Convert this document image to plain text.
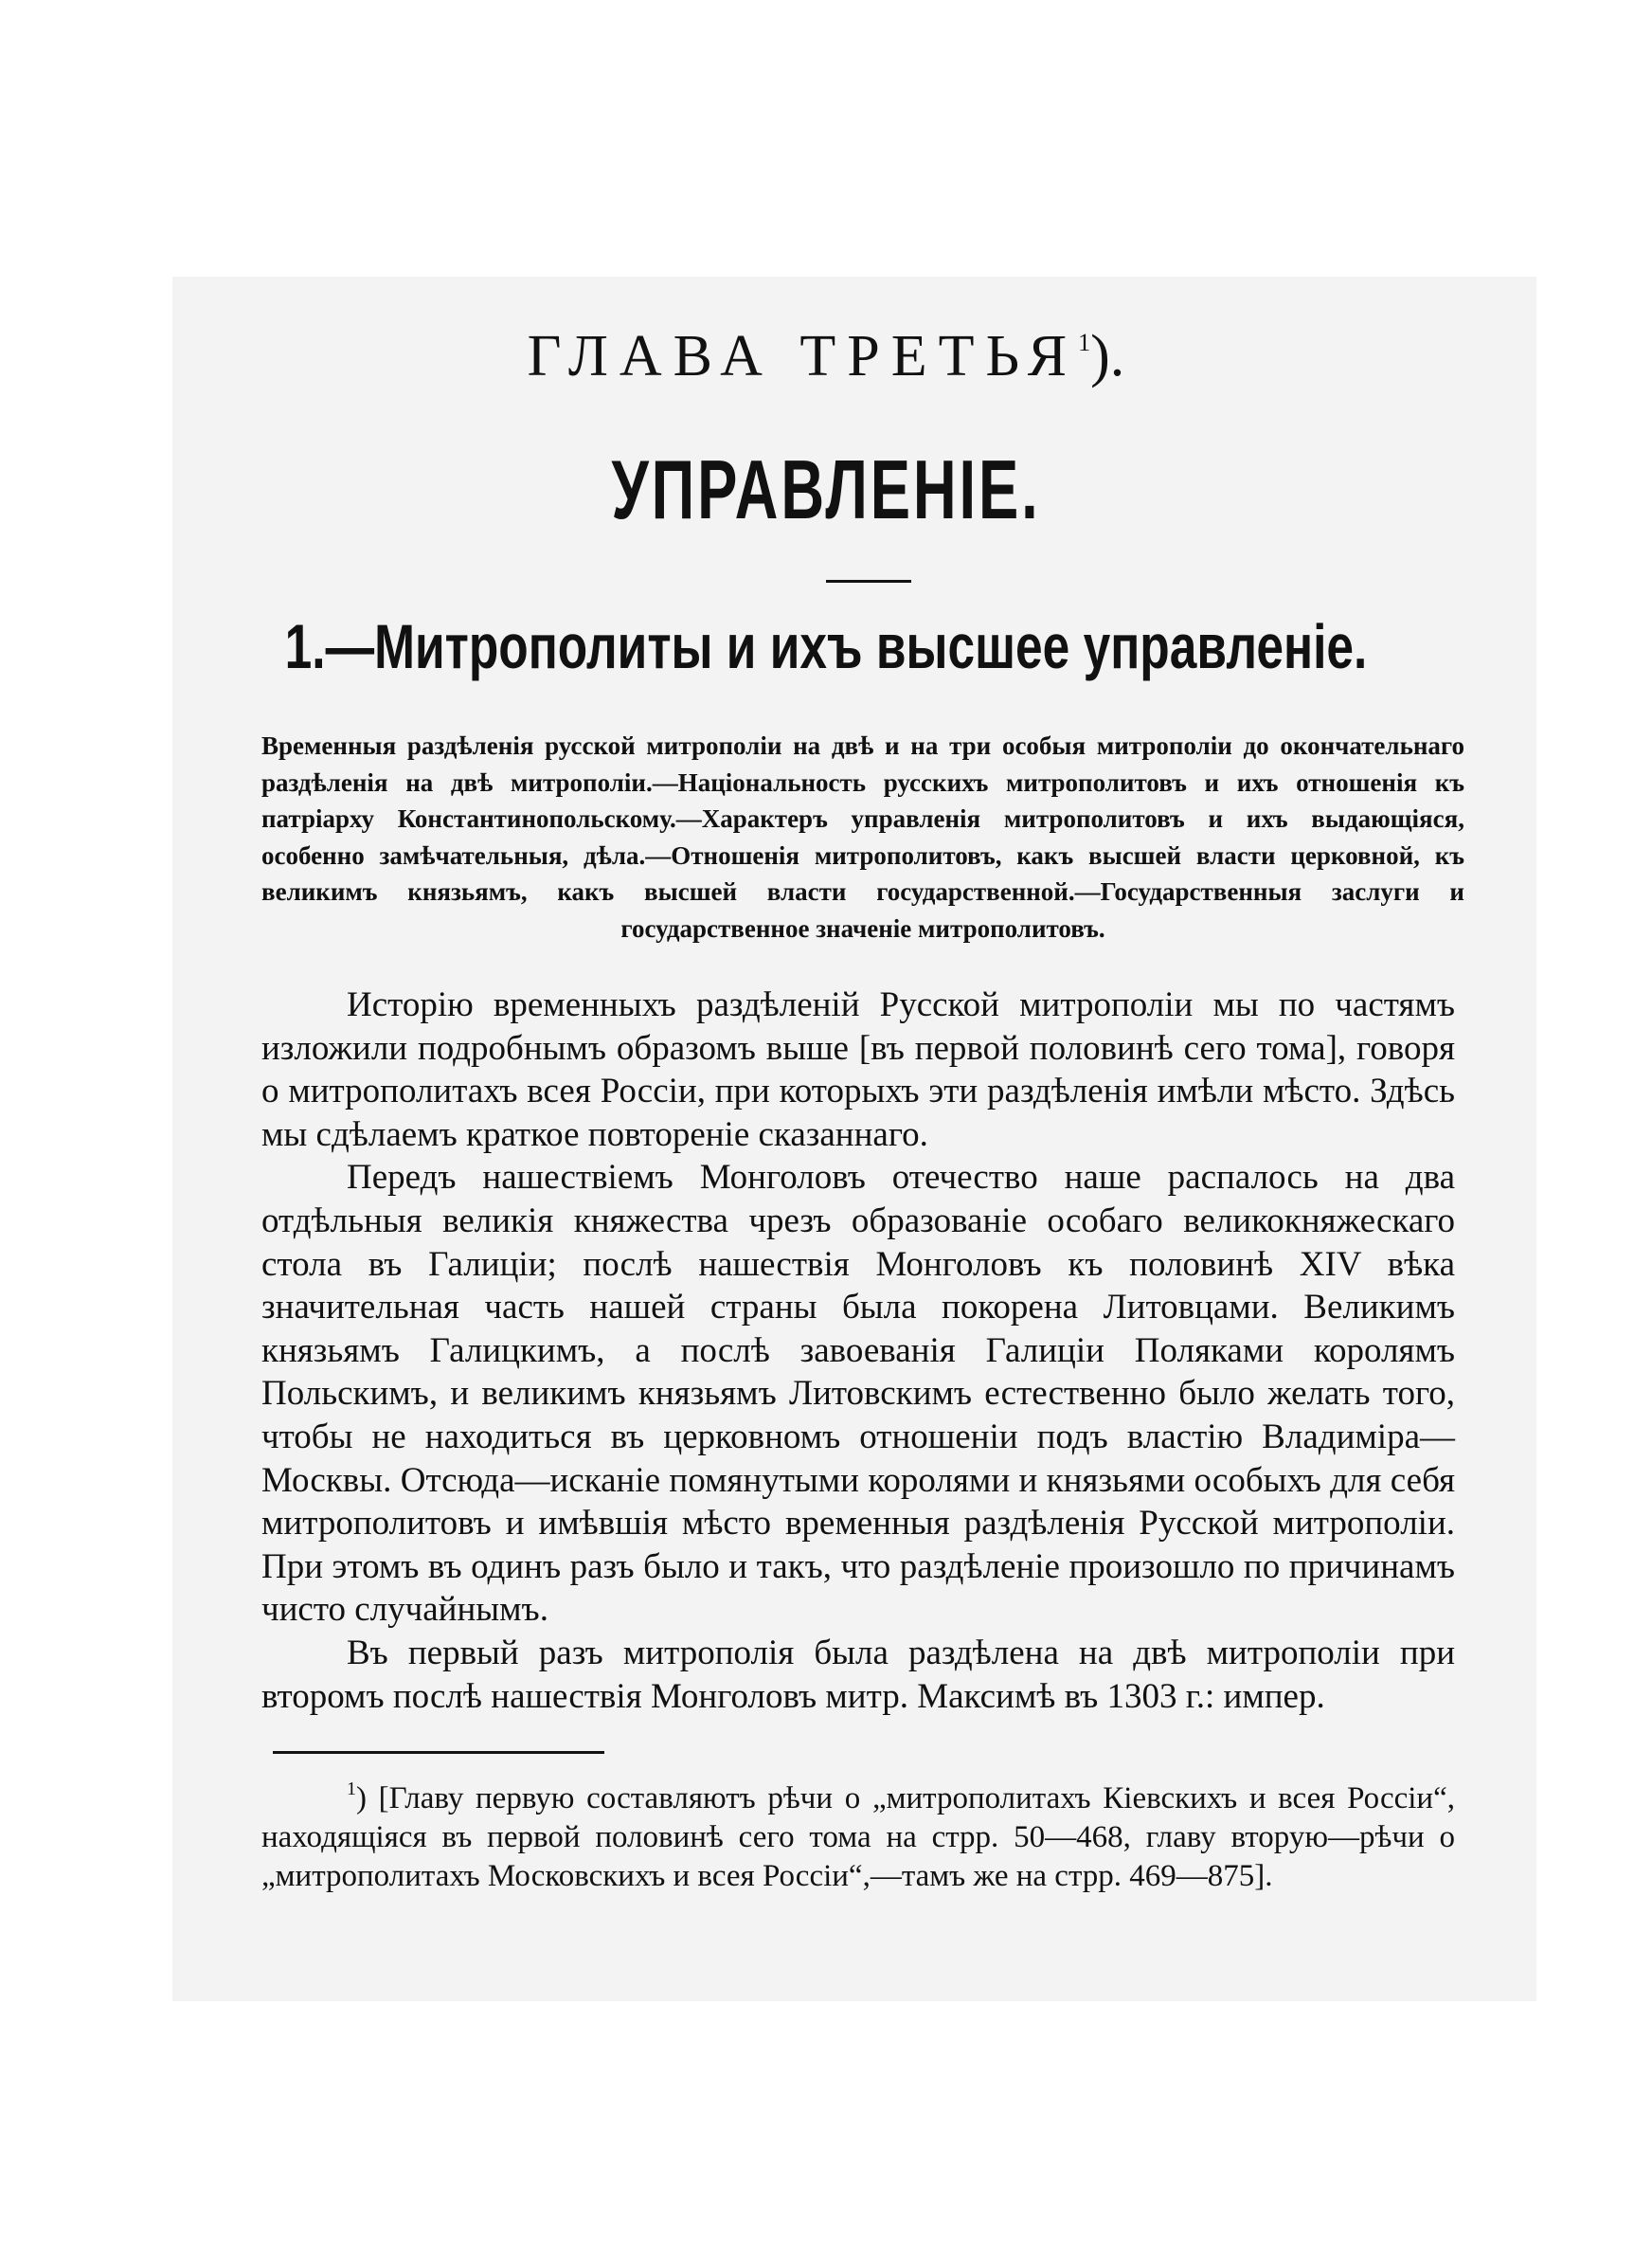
ГЛАВА ТРЕТЬЯ$^1$).
УПРАВЛЕНІЕ.
1.—Митрополиты и ихъ высшее управленіе.

Временныя раздѣленія русской митрополіи на двѣ и на три особыя митрополіи до окончательнаго раздѣленія на двѣ митрополіи.—Національность русскихъ митрополитовъ и ихъ отношенія къ патріарху Константинопольскому.—Характеръ управленія митрополитовъ и ихъ выдающіяся, особенно замѣчательныя, дѣла.—Отношенія митрополитовъ, какъ высшей власти церковной, къ великимъ князьямъ, какъ высшей власти государственной.—Государственныя заслуги и государственное значеніе митрополитовъ.

Исторію временныхъ раздѣленій Русской митрополіи мы по частямъ изложили подробнымъ образомъ выше [въ первой половинѣ сего тома], говоря о митрополитахъ всея Россіи, при которыхъ эти раздѣленія имѣли мѣсто. Здѣсь мы сдѣлаемъ краткое повтореніе сказаннаго.

Передъ нашествіемъ Монголовъ отечество наше распалось на два отдѣльныя великія княжества чрезъ образованіе особаго великокняжескаго стола въ Галиціи; послѣ нашествія Монголовъ къ половинѣ XIV вѣка значительная часть нашей страны была покорена Литовцами. Великимъ князьямъ Галицкимъ, а послѣ завоеванія Галиціи Поляками королямъ Польскимъ, и великимъ князьямъ Литовскимъ естественно было желать того, чтобы не находиться въ церковномъ отношеніи подъ властію Владиміра—Москвы. Отсюда—исканіе помянутыми королями и князьями особыхъ для себя митрополитовъ и имѣвшія мѣсто временныя раздѣленія Русской митрополіи. При этомъ въ одинъ разъ было и такъ, что раздѣленіе произошло по причинамъ чисто случайнымъ.

Въ первый разъ митрополія была раздѣлена на двѣ митрополіи при второмъ послѣ нашествія Монголовъ митр. Максимѣ въ 1303 г.: импер.

$^1$) [Главу первую составляютъ рѣчи о „митрополитахъ Кіевскихъ и всея Россіи“, находящіяся въ первой половинѣ сего тома на стрр. 50—468, главу вторую—рѣчи о „митрополитахъ Московскихъ и всея Россіи“,—тамъ же на стрр. 469—875].
